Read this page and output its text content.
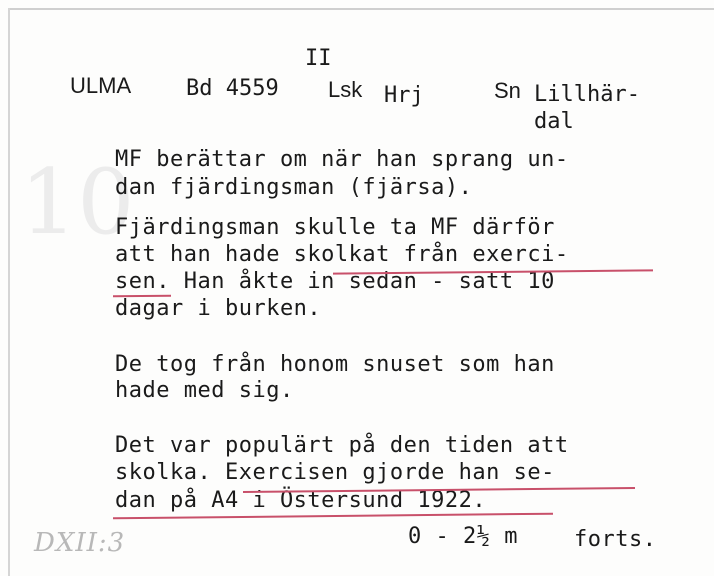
10
II
ULMA Bd 4559 Lsk Hrj	Sn Lillhär-
dal
MF berättar om när han sprang un-
dan fjärdingsman (fjärsa).
Fjärdingsman skulle ta MF därför
att han hade skolkat från exerci-
sen. Han åkte in sedan - satt 10
dagar i burken.
De tog från honom snuset som han
hade med sig.
Det var populärt på den tiden att
skolka. Exercisen gjorde han se-
dan på A4 i Östersund 1922.
0 - 2½ m	forts.
DXII:3
